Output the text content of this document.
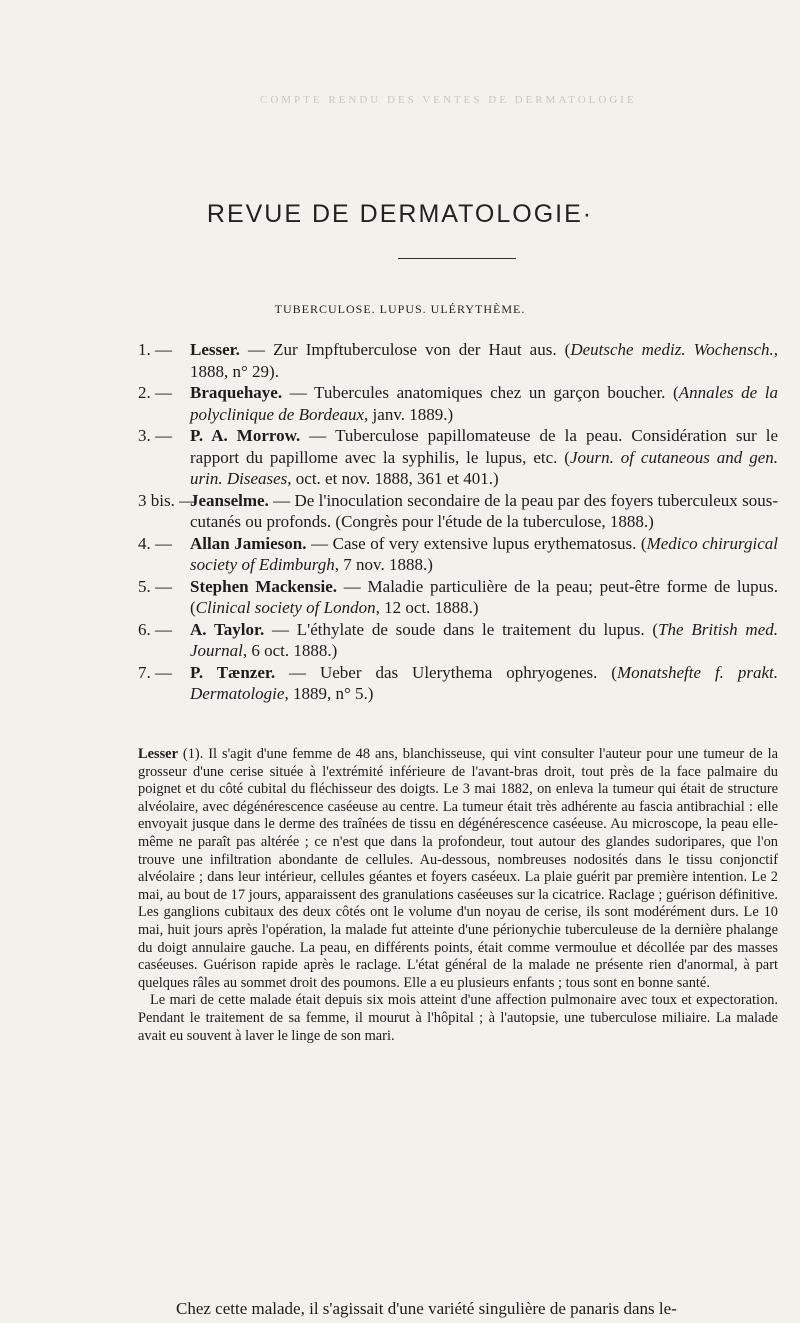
COMPTE RENDU DES VENTES DE DERMATOLOGIE
REVUE DE DERMATOLOGIE·
TUBERCULOSE. LUPUS. ULÉRYTHÈME.

1. — Lesser. — Zur Impftuberculose von der Haut aus. (Deutsche mediz. Wochensch., 1888, n° 29).

2. — Braquehaye. — Tubercules anatomiques chez un garçon boucher. (Annales de la polyclinique de Bordeaux, janv. 1889.)

3. — P. A. Morrow. — Tuberculose papillomateuse de la peau. Considération sur le rapport du papillome avec la syphilis, le lupus, etc. (Journ. of cutaneous and gen. urin. Diseases, oct. et nov. 1888, 361 et 401.)

3 bis. —
Jeanselme. — De l'inoculation secondaire de la peau par des foyers tuberculeux sous-cutanés ou profonds. (Congrès pour l'étude de la tuberculose, 1888.)

4. — Allan Jamieson. — Case of very extensive lupus erythematosus. (Medico chirurgical society of Edimburgh, 7 nov. 1888.)

5. — Stephen Mackensie. — Maladie particulière de la peau; peut-être forme de lupus. (Clinical society of London, 12 oct. 1888.)

6. — A. Taylor. — L'éthylate de soude dans le traitement du lupus. (The British med. Journal, 6 oct. 1888.)

7. — P. Tænzer. — Ueber das Ulerythema ophryogenes. (Monatshefte f. prakt. Dermatologie, 1889, n° 5.)

Lesser (1). Il s'agit d'une femme de 48 ans, blanchisseuse, qui vint consulter l'auteur pour une tumeur de la grosseur d'une cerise située à l'extrémité inférieure de l'avant-bras droit, tout près de la face palmaire du poignet et du côté cubital du fléchisseur des doigts. Le 3 mai 1882, on enleva la tumeur qui était de structure alvéolaire, avec dégénérescence caséeuse au centre. La tumeur était très adhérente au fascia antibrachial : elle envoyait jusque dans le derme des traînées de tissu en dégénérescence caséeuse. Au microscope, la peau elle-même ne paraît pas altérée ; ce n'est que dans la profondeur, tout autour des glandes sudoripares, que l'on trouve une infiltration abondante de cellules. Au-dessous, nombreuses nodosités dans le tissu conjonctif alvéolaire ; dans leur intérieur, cellules géantes et foyers caséeux. La plaie guérit par première intention. Le 2 mai, au bout de 17 jours, apparaissent des granulations caséeuses sur la cicatrice. Raclage ; guérison définitive. Les ganglions cubitaux des deux côtés ont le volume d'un noyau de cerise, ils sont modérément durs. Le 10 mai, huit jours après l'opération, la malade fut atteinte d'une périonychie tuberculeuse de la dernière phalange du doigt annulaire gauche. La peau, en différents points, était comme vermoulue et décollée par des masses caséeuses. Guérison rapide après le raclage. L'état général de la malade ne présente rien d'anormal, à part quelques râles au sommet droit des poumons. Elle a eu plusieurs enfants ; tous sont en bonne santé.

Le mari de cette malade était depuis six mois atteint d'une affection pulmonaire avec toux et expectoration. Pendant le traitement de sa femme, il mourut à l'hôpital ; à l'autopsie, une tuberculose miliaire. La malade avait eu souvent à laver le linge de son mari.

Chez cette malade, il s'agissait d'une variété singulière de panaris dans le-
